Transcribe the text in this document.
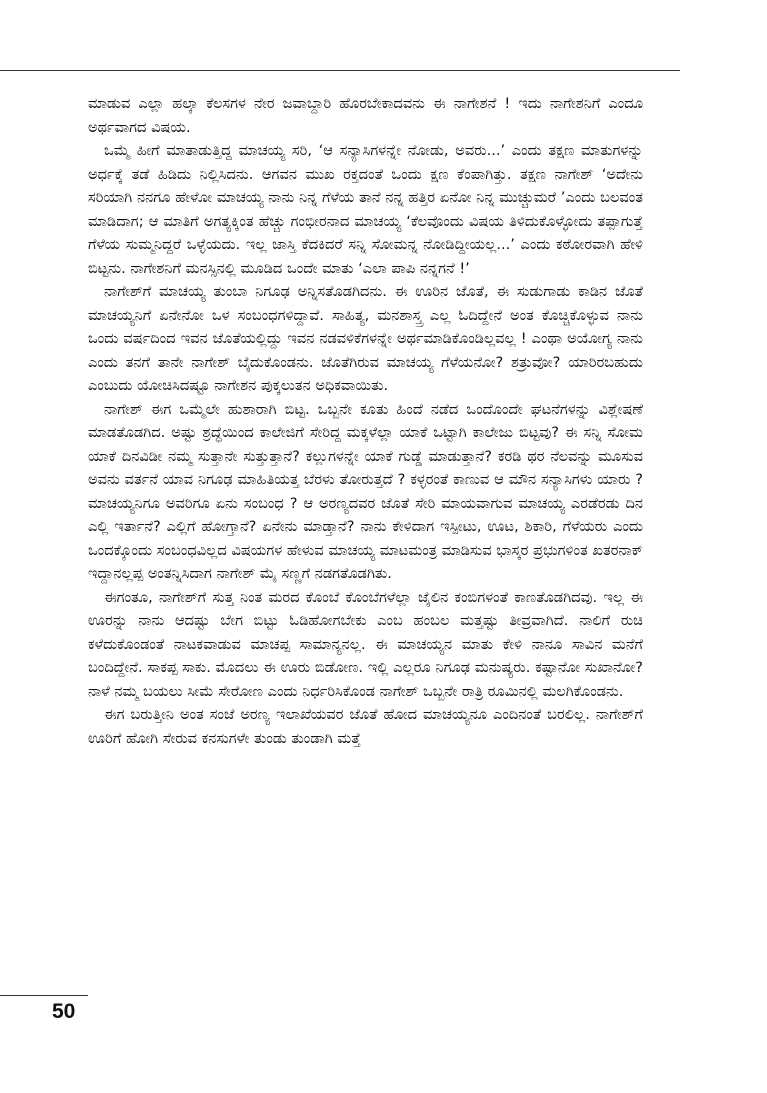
ಮಾಡುವ ಎಲ್ಲಾ ಹಲ್ಕಾ ಕೆಲಸಗಳ ನೇರ ಜವಾಬ್ದಾರಿ ಹೊರಬೇಕಾದವನು ಈ ನಾಗೇಶನೆ ! ಇದು ನಾಗೇಶನಿಗೆ ಎಂದೂ ಅರ್ಥವಾಗದ ವಿಷಯ.

ಒಮ್ಮೆ ಹೀಗೆ ಮಾತಾಡುತ್ತಿದ್ದ ಮಾಚಯ್ಯ ಸರಿ, ‘ಆ ಸನ್ಯಾಸಿಗಳನ್ನೇ ನೋಡು, ಅವರು...’ ಎಂದು ತಕ್ಷಣ ಮಾತುಗಳನ್ನು ಅರ್ಧಕ್ಕೆ ತಡೆ ಹಿಡಿದು ನಿಲ್ಲಿಸಿದನು. ಆಗವನ ಮುಖ ರಕ್ತದಂತೆ ಒಂದು ಕ್ಷಣ ಕೆಂಪಾಗಿತ್ತು. ತಕ್ಷಣ ನಾಗೇಶ್ ‘ಅದೇನು ಸರಿಯಾಗಿ ನನಗೂ ಹೇಳೋ ಮಾಚಯ್ಯ ನಾನು ನಿನ್ನ ಗೆಳೆಯ ತಾನೆ ನನ್ನ ಹತ್ತಿರ ಏನೋ ನಿನ್ನ ಮುಚ್ಚುಮರೆ ’ಎಂದು ಬಲವಂತ ಮಾಡಿದಾಗ; ಆ ಮಾತಿಗೆ ಅಗತ್ಯಕ್ಕಿಂತ ಹೆಚ್ಚು ಗಂಭೀರನಾದ ಮಾಚಯ್ಯ ‘ಕೆಲವೊಂದು ವಿಷಯ ತಿಳಿದುಕೊಳ್ಳೋದು ತಪ್ಪಾಗುತ್ತೆ ಗೆಳೆಯ ಸುಮ್ಮನಿದ್ದರೆ ಒಳ್ಳೆಯದು. ಇಲ್ಲ ಜಾಸ್ತಿ ಕೆದಕಿದರೆ ಸನ್ನಿ ಸೋಮನ್ನ ನೋಡಿದ್ದೀಯಲ್ಲ...’ ಎಂದು ಕಠೋರವಾಗಿ ಹೇಳಿ ಬಿಟ್ಟನು. ನಾಗೇಶನಿಗೆ ಮನಸ್ಸಿನಲ್ಲಿ ಮೂಡಿದ ಒಂದೇ ಮಾತು ‘ಎಲಾ ಪಾಪಿ ನನ್ನಗನೆ !’

ನಾಗೇಶ್‌ಗೆ ಮಾಚಯ್ಯ ತುಂಬಾ ನಿಗೂಢ ಅನ್ನಿಸತೊಡಗಿದನು. ಈ ಊರಿನ ಜೊತೆ, ಈ ಸುಡುಗಾಡು ಕಾಡಿನ ಜೊತೆ ಮಾಚಯ್ಯನಿಗೆ ಏನೇನೋ ಒಳ ಸಂಬಂಧಗಳಿದ್ದಾವೆ. ಸಾಹಿತ್ಯ, ಮನಶಾಸ್ತ್ರ ಎಲ್ಲ ಓದಿದ್ದೇನೆ ಅಂತ ಕೊಚ್ಚಿಕೊಳ್ಳುವ ನಾನು ಒಂದು ವರ್ಷದಿಂದ ಇವನ ಜೊತೆಯಲ್ಲಿದ್ದು ಇವನ ನಡವಳಿಕೆಗಳನ್ನೇ ಅರ್ಥಮಾಡಿಕೊಂಡಿಲ್ಲವಲ್ಲ ! ಎಂಥಾ ಅಯೋಗ್ಯ ನಾನು ಎಂದು ತನಗೆ ತಾನೇ ನಾಗೇಶ್ ಬೈದುಕೊಂಡನು. ಜೊತೆಗಿರುವ ಮಾಚಯ್ಯ ಗೆಳೆಯನೋ? ಶತ್ರುವೋ? ಯಾರಿರಬಹುದು ಎಂಬುದು ಯೋಚಿಸಿದಷ್ಟೂ ನಾಗೇಶನ ಪುಕ್ಕಲುತನ ಅಧಿಕವಾಯಿತು.

ನಾಗೇಶ್ ಈಗ ಒಮ್ಮೆಲೇ ಹುಶಾರಾಗಿ ಬಿಟ್ಟ. ಒಬ್ಬನೇ ಕೂತು ಹಿಂದೆ ನಡೆದ ಒಂದೊಂದೇ ಘಟನೆಗಳನ್ನು ವಿಶ್ಲೇಷಣೆ ಮಾಡತೊಡಗಿದ. ಅಷ್ಟು ಶ್ರದ್ಧೆಯಿಂದ ಕಾಲೇಜಿಗೆ ಸೇರಿದ್ದ ಮಕ್ಕಳೆಲ್ಲಾ ಯಾಕೆ ಒಟ್ಟಾಗಿ ಕಾಲೇಜು ಬಿಟ್ಟವು? ಈ ಸನ್ನಿ ಸೋಮ ಯಾಕೆ ದಿನವಿಡೀ ನಮ್ಮ ಸುತ್ತಾನೇ ಸುತ್ತುತ್ತಾನೆ? ಕಲ್ಲುಗಳನ್ನೇ ಯಾಕೆ ಗುಡ್ಡೆ ಮಾಡುತ್ತಾನೆ? ಕರಡಿ ಥರ ನೆಲವನ್ನು ಮೂಸುವ ಅವನು ವರ್ತನೆ ಯಾವ ನಿಗೂಢ ಮಾಹಿತಿಯತ್ತ ಬೆರಳು ತೋರುತ್ತದೆ ? ಕಳ್ಳರಂತೆ ಕಾಣುವ ಆ ಮೌನ ಸನ್ಯಾಸಿಗಳು ಯಾರು ? ಮಾಚಯ್ಯನಿಗೂ ಅವರಿಗೂ ಏನು ಸಂಬಂಧ ? ಆ ಅರಣ್ಯದವರ ಜೊತೆ ಸೇರಿ ಮಾಯವಾಗುವ ಮಾಚಯ್ಯ ಎರಡೆರಡು ದಿನ ಎಲ್ಲಿ ಇರ್ತಾನೆ? ಎಲ್ಲಿಗೆ ಹೋಗ್ತಾನೆ? ಏನೇನು ಮಾಡ್ತಾನೆ? ನಾನು ಕೇಳಿದಾಗ ಇಸ್ಪೀಟು, ಊಟ, ಶಿಕಾರಿ, ಗೆಳೆಯರು ಎಂದು ಒಂದಕ್ಕೊಂದು ಸಂಬಂಧವಿಲ್ಲದ ವಿಷಯಗಳ ಹೇಳುವ ಮಾಚಯ್ಯ ಮಾಟಮಂತ್ರ ಮಾಡಿಸುವ ಭಾಸ್ಕರ ಪ್ರಭುಗಳಿಂತ ಖತರನಾಕ್ ಇದ್ದಾನಲ್ಲಪ್ಪ ಅಂತನ್ನಿಸಿದಾಗ ನಾಗೇಶ್ ಮೈ ಸಣ್ಣಗೆ ನಡಗತೊಡಗಿತು.

ಈಗಂತೂ, ನಾಗೇಶ್‌ಗೆ ಸುತ್ತ ನಿಂತ ಮರದ ಕೊಂಬೆ ಕೊಂಬೆಗಳೆಲ್ಲಾ ಜೈಲಿನ ಕಂಬಿಗಳಂತೆ ಕಾಣತೊಡಗಿದವು. ಇಲ್ಲ ಈ ಊರನ್ನು ನಾನು ಆದಷ್ಟು ಬೇಗ ಬಿಟ್ಟು ಓಡಿಹೋಗಬೇಕು ಎಂಬ ಹಂಬಲ ಮತ್ತಷ್ಟು ತೀವ್ರವಾಗಿದೆ. ನಾಲಿಗೆ ರುಚಿ ಕಳೆದುಕೊಂಡಂತೆ ನಾಟಕವಾಡುವ ಮಾಚಪ್ಪ ಸಾಮಾನ್ಯನಲ್ಲ. ಈ ಮಾಚಯ್ಯನ ಮಾತು ಕೇಳಿ ನಾನೂ ಸಾವಿನ ಮನೆಗೆ ಬಂದಿದ್ದೇನೆ. ಸಾಕಪ್ಪ ಸಾಕು. ಮೊದಲು ಈ ಊರು ಬಿಡೋಣ. ಇಲ್ಲಿ ಎಲ್ಲರೂ ನಿಗೂಢ ಮನುಷ್ಯರು. ಕಷ್ಟಾನೋ ಸುಖಾನೋ? ನಾಳೆ ನಮ್ಮ ಬಯಲು ಸೀಮೆ ಸೇರೋಣ ಎಂದು ನಿರ್ಧರಿಸಿಕೊಂಡ ನಾಗೇಶ್ ಒಬ್ಬನೇ ರಾತ್ರಿ ರೂಮಿನಲ್ಲಿ ಮಲಗಿಕೊಂಡನು.

ಈಗ ಬರುತ್ತೀನಿ ಅಂತ ಸಂಜೆ ಅರಣ್ಯ ಇಲಾಖೆಯವರ ಜೊತೆ ಹೋದ ಮಾಚಯ್ಯನೂ ಎಂದಿನಂತೆ ಬರಲಿಲ್ಲ. ನಾಗೇಶ್‌ಗೆ ಊರಿಗೆ ಹೋಗಿ ಸೇರುವ ಕನಸುಗಳೇ ತುಂಡು ತುಂಡಾಗಿ ಮತ್ತೆ

50
